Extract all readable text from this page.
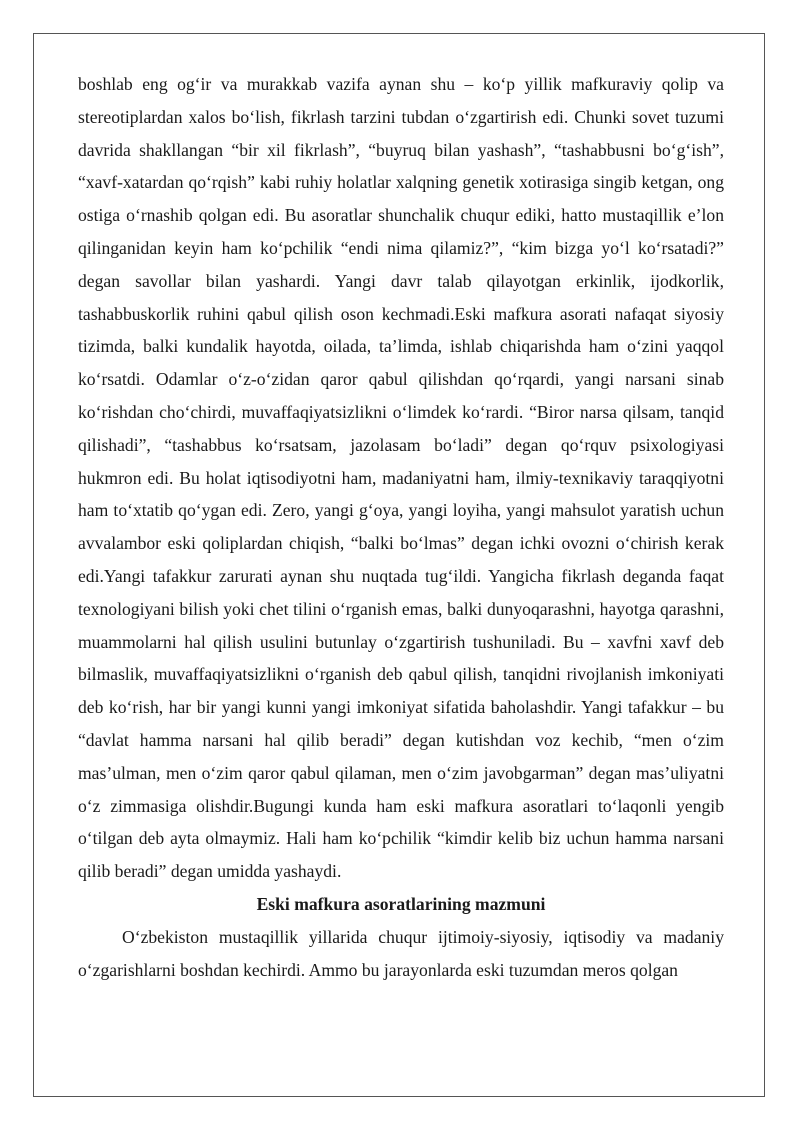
boshlab eng og‘ir va murakkab vazifa aynan shu – ko‘p yillik mafkuraviy qolip va stereotiplardan xalos bo‘lish, fikrlash tarzini tubdan o‘zgartirish edi. Chunki sovet tuzumi davrida shakllangan “bir xil fikrlash”, “buyruq bilan yashash”, “tashabbusni bo‘g‘ish”, “xavf-xatardan qo‘rqish” kabi ruhiy holatlar xalqning genetik xotirasiga singib ketgan, ong ostiga o‘rnashib qolgan edi. Bu asoratlar shunchalik chuqur ediki, hatto mustaqillik e’lon qilinganidan keyin ham ko‘pchilik “endi nima qilamiz?”, “kim bizga yo‘l ko‘rsatadi?” degan savollar bilan yashardi. Yangi davr talab qilayotgan erkinlik, ijodkorlik, tashabbuskorlik ruhini qabul qilish oson kechmadi.Eski mafkura asorati nafaqat siyosiy tizimda, balki kundalik hayotda, oilada, ta’limda, ishlab chiqarishda ham o‘zini yaqqol ko‘rsatdi. Odamlar o‘z-o‘zidan qaror qabul qilishdan qo‘rqardi, yangi narsani sinab ko‘rishdan cho‘chirdi, muvaffaqiyatsizlikni o‘limdek ko‘rardi. “Biror narsa qilsam, tanqid qilishadi”, “tashabbus ko‘rsatsam, jazolasam bo‘ladi” degan qo‘rquv psixologiyasi hukmron edi. Bu holat iqtisodiyotni ham, madaniyatni ham, ilmiy-texnikaviy taraqqiyotni ham to‘xtatib qo‘ygan edi. Zero, yangi g‘oya, yangi loyiha, yangi mahsulot yaratish uchun avvalambor eski qoliplardan chiqish, “balki bo‘lmas” degan ichki ovozni o‘chirish kerak edi.Yangi tafakkur zarurati aynan shu nuqtada tug‘ildi. Yangicha fikrlash deganda faqat texnologiyani bilish yoki chet tilini o‘rganish emas, balki dunyoqarashni, hayotga qarashni, muammolarni hal qilish usulini butunlay o‘zgartirish tushuniladi. Bu – xavfni xavf deb bilmaslik, muvaffaqiyatsizlikni o‘rganish deb qabul qilish, tanqidni rivojlanish imkoniyati deb ko‘rish, har bir yangi kunni yangi imkoniyat sifatida baholashdir. Yangi tafakkur – bu “davlat hamma narsani hal qilib beradi” degan kutishdan voz kechib, “men o‘zim mas’ulman, men o‘zim qaror qabul qilaman, men o‘zim javobgarman” degan mas’uliyatni o‘z zimmasiga olishdir.Bugungi kunda ham eski mafkura asoratlari to‘laqonli yengib o‘tilgan deb ayta olmaymiz. Hali ham ko‘pchilik “kimdir kelib biz uchun hamma narsani qilib beradi” degan umidda yashaydi.

Eski mafkura asoratlarining mazmuni

O‘zbekiston mustaqillik yillarida chuqur ijtimoiy-siyosiy, iqtisodiy va madaniy o‘zgarishlarni boshdan kechirdi. Ammo bu jarayonlarda eski tuzumdan meros qolgan
